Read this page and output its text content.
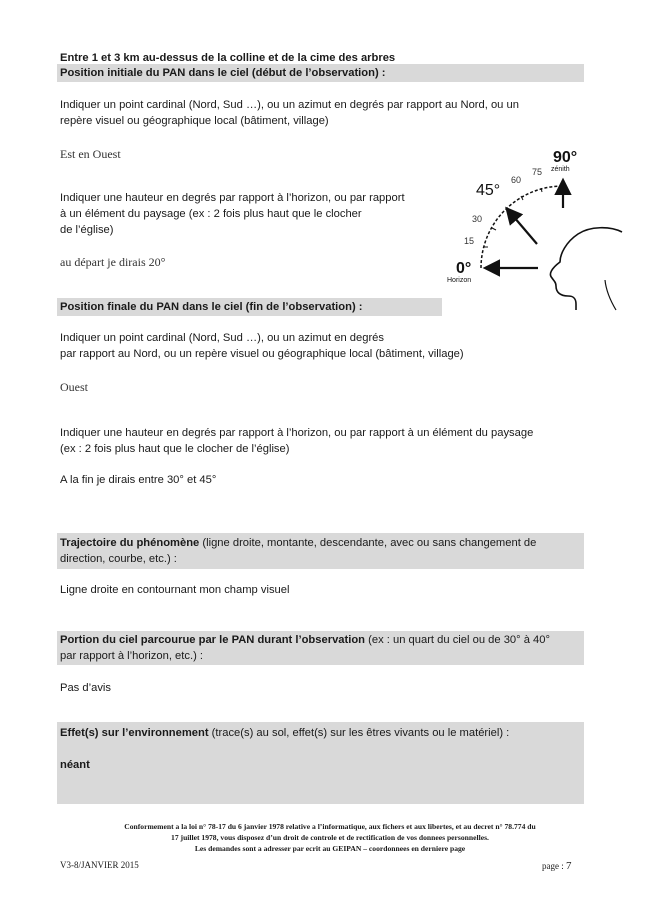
Entre 1 et 3 km au-dessus de la colline et de la cime des arbres
Position initiale du PAN dans le ciel (début de l’observation) :
Indiquer un point cardinal (Nord, Sud …), ou un azimut en degrés par rapport au Nord, ou un
repère visuel ou géographique local (bâtiment, village)
Est en Ouest
Indiquer une hauteur en degrés par rapport à l’horizon, ou par rapport
à un élément du paysage (ex : 2 fois plus haut que le clocher
de l’église)
au départ je dirais 20°
90°
zénith
75
60
45°
30
15
0°
Horizon
Position finale du PAN dans le ciel (fin de l’observation) :
Indiquer un point cardinal (Nord, Sud …), ou un azimut en degrés
par rapport au Nord, ou un repère visuel ou géographique local (bâtiment, village)
Ouest
Indiquer une hauteur en degrés par rapport à l’horizon, ou par rapport à un élément du paysage
(ex : 2 fois plus haut que le clocher de l’église)
A la fin je dirais entre 30° et 45°
Trajectoire du phénomène (ligne droite, montante, descendante, avec ou sans changement de
direction, courbe, etc.) :
Ligne droite en contournant mon champ visuel
Portion du ciel parcourue par le PAN durant l’observation (ex : un quart du ciel ou de 30° à 40°
par rapport à l’horizon, etc.) :
Pas d’avis
Effet(s) sur l’environnement (trace(s) au sol, effet(s) sur les êtres vivants ou le matériel) :
néant
Conformement a la loi n° 78-17 du 6 janvier 1978 relative a l’informatique, aux fichers et aux libertes, et au decret n° 78.774 du
17 juillet 1978, vous disposez d’un droit de controle et de rectification de vos donnees personnelles.
Les demandes sont a adresser par ecrit au GEIPAN – coordonnees en derniere page
V3-8/JANVIER 2015	page : 7
